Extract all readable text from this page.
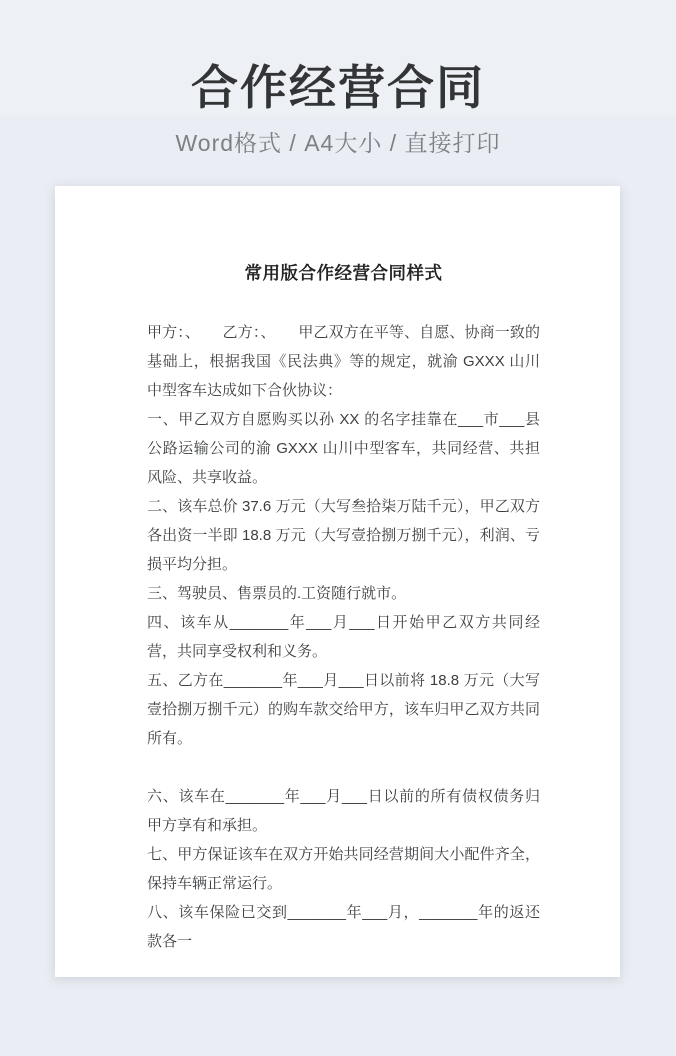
合作经营合同
Word格式 / A4大小 / 直接打印
常用版合作经营合同样式

甲方：、　　乙方：、　　甲乙双方在平等、自愿、协商一致的基础上，根据我国《民法典》等的规定，就渝 GXXX 山川中型客车达成如下合伙协议：

一、甲乙双方自愿购买以孙 XX 的名字挂靠在___市___县公路运输公司的渝 GXXX 山川中型客车，共同经营、共担风险、共享收益。

二、该车总价 37.6 万元（大写叁拾柒万陆千元），甲乙双方各出资一半即 18.8 万元（大写壹拾捌万捌千元），利润、亏损平均分担。

三、驾驶员、售票员的.工资随行就市。

四、该车从_______年___月___日开始甲乙双方共同经营，共同享受权利和义务。

五、乙方在_______年___月___日以前将 18.8 万元（大写壹拾捌万捌千元）的购车款交给甲方，该车归甲乙双方共同所有。

六、该车在_______年___月___日以前的所有债权债务归甲方享有和承担。

七、甲方保证该车在双方开始共同经营期间大小配件齐全，保持车辆正常运行。

八、该车保险已交到_______年___月，_______年的返还款各一
